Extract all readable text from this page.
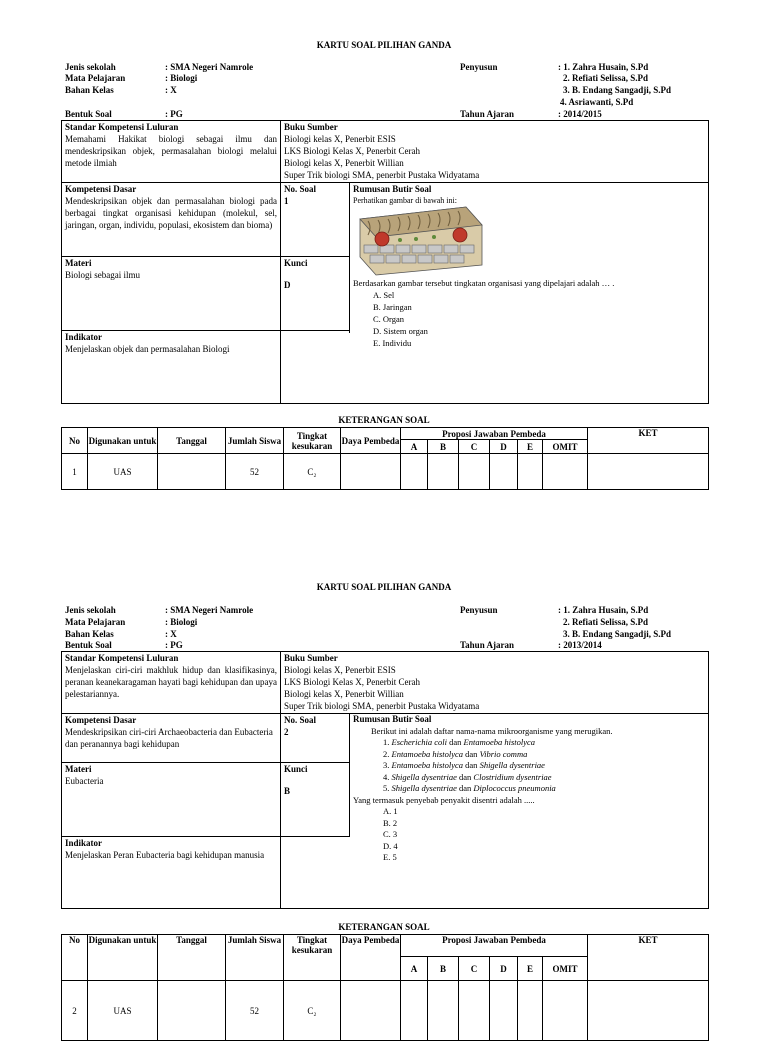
KARTU SOAL PILIHAN GANDA
Jenis sekolah	: SMA Negeri Namrole
Mata Pelajaran	: Biologi
Bahan Kelas	: X
Bentuk Soal	: PG
Penyusun	: 1. Zahra Husain, S.Pd
2. Refiati Selissa, S.Pd
3. B. Endang Sangadji, S.Pd
4. Asriawanti, S.Pd
Tahun Ajaran	: 2014/2015
Standar Kompetensi Luluran
Memahami Hakikat biologi sebagai ilmu dan mendeskripsikan objek, permasalahan biologi melalui metode ilmiah
Buku Sumber
Biologi kelas X, Penerbit ESIS
LKS Biologi Kelas X, Penerbit Cerah
Biologi kelas X, Penerbit Willian
Super Trik biologi SMA, penerbit Pustaka Widyatama
Kompetensi Dasar
Mendeskripsikan objek dan permasalahan biologi pada berbagai tingkat organisasi kehidupan (molekul, sel, jaringan, organ, individu, populasi, ekosistem dan bioma)
No. Soal
1
Rumusan Butir Soal
Perhatikan gambar di bawah ini:
Berdasarkan gambar tersebut tingkatan organisasi yang dipelajari adalah … .
A. Sel
B. Jaringan
C. Organ
D. Sistem organ
E. Individu
Materi
Biologi sebagai ilmu
Kunci
D
Indikator
Menjelaskan objek dan permasalahan Biologi
KETERANGAN SOAL
No	Digunakan untuk	Tanggal	Jumlah Siswa	Tingkat kesukaran	Daya Pembeda	Proposi Jawaban Pembeda						KET
						A	B	C	D	E	OMIT	
1	UAS		52	C₂								
KARTU SOAL PILIHAN GANDA
Jenis sekolah	: SMA Negeri Namrole
Mata Pelajaran	: Biologi
Bahan Kelas	: X
Bentuk Soal	: PG
Penyusun	: 1. Zahra Husain, S.Pd
2. Refiati Selissa, S.Pd
3. B. Endang Sangadji, S.Pd
Tahun Ajaran	: 2013/2014
Standar Kompetensi Luluran
Menjelaskan ciri-ciri makhluk hidup dan klasifikasinya, peranan keanekaragaman hayati bagi kehidupan dan upaya pelestariannya.
Buku Sumber
Biologi kelas X, Penerbit ESIS
LKS Biologi Kelas X, Penerbit Cerah
Biologi kelas X, Penerbit Willian
Super Trik biologi SMA, penerbit Pustaka Widyatama
Kompetensi Dasar
Mendeskripsikan ciri-ciri Archaeobacteria dan Eubacteria dan peranannya bagi kehidupan
No. Soal
2
Rumusan Butir Soal
Berikut ini adalah daftar nama-nama mikroorganisme yang merugikan.
1. Escherichia coli dan Entamoeba histolyca
2. Entamoeba histolyca dan Vibrio comma
3. Entamoeba histolyca dan Shigella dysentriae
4. Shigella dysentriae dan Clostridium dysentriae
5. Shigella dysentriae dan Diplococcus pneumonia
Yang termasuk penyebab penyakit disentri adalah .....
A. 1
B. 2
C. 3
D. 4
E. 5
Materi
Eubacteria
Kunci
B
Indikator
Menjelaskan Peran Eubacteria bagi kehidupan manusia
KETERANGAN SOAL
No	Digunakan untuk	Tanggal	Jumlah Siswa	Tingkat kesukaran	Daya Pembeda	Proposi Jawaban Pembeda						KET
						A	B	C	D	E	OMIT	
2	UAS		52	C₂								
